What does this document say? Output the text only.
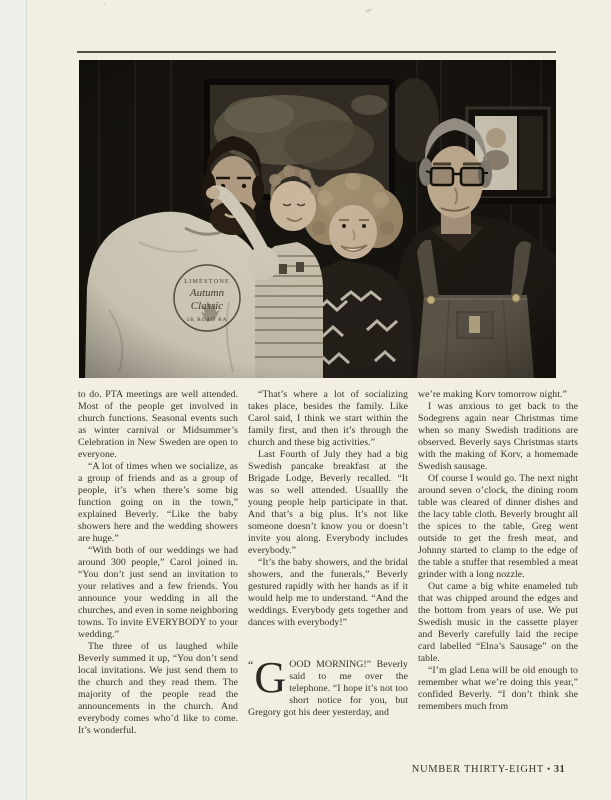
to do. PTA meetings are well attended. Most of the people get involved in church functions. Seasonal events such as winter carnival or Midsummer’s Celebration in New Sweden are open to everyone.

“A lot of times when we socialize, as a group of friends and as a group of people, it’s when there’s some big function going on in the town,” explained Beverly. “Like the baby showers here and the wedding showers are huge.”

“With both of our weddings we had around 300 people,” Carol joined in. “You don’t just send an invitation to your relatives and a few friends. You announce your wedding in all the churches, and even in some neighboring towns. To invite EVERYBODY to your wedding.”

The three of us laughed while Beverly summed it up, “You don’t send local invitations. We just send them to the church and they read them. The majority of the people read the announcements in the church. And everybody comes who’d like to come. It’s wonderful.

“That’s where a lot of socializing takes place, besides the family. Like Carol said, I think we start within the family first, and then it’s through the church and these big activities.”

Last Fourth of July they had a big Swedish pancake breakfast at the Brigade Lodge, Beverly recalled. “It was so well attended. Usuallly the young people help participate in that. And that’s a big plus. It’s not like someone doesn’t know you or doesn’t invite you along. Everybody includes everybody.”

“It’s the baby showers, and the bridal showers, and the funerals,” Beverly gestured rapidly with her hands as if it would help me to understand. “And the weddings. Everybody gets together and dances with everybody!”

“G OOD MORNING!” Beverly said to me over the telephone. “I hope it’s not too short notice for you, but Gregory got his deer yesterday, and

we’re making Korv tomorrow night.”

I was anxious to get back to the Sodegrens again near Christmas time when so many Swedish traditions are observed. Beverly says Christmas starts with the making of Korv, a homemade Swedish sausage.

Of course I would go. The next night around seven o’clock, the dining room table was cleared of dinner dishes and the lacy table cloth. Beverly brought all the spices to the table, Greg went outside to get the fresh meat, and Johnny started to clamp to the edge of the table a stuffer that resembled a meat grinder with a long nozzle.

Out came a big white enameled tub that was chipped around the edges and the bottom from years of use. We put Swedish music in the cassette player and Beverly carefully laid the recipe card labelled “Elna’s Sausage” on the table.

“I’m glad Lena will be old enough to remember what we’re doing this year,” confided Beverly. “I don’t think she remembers much from

NUMBER THIRTY-EIGHT • 31
